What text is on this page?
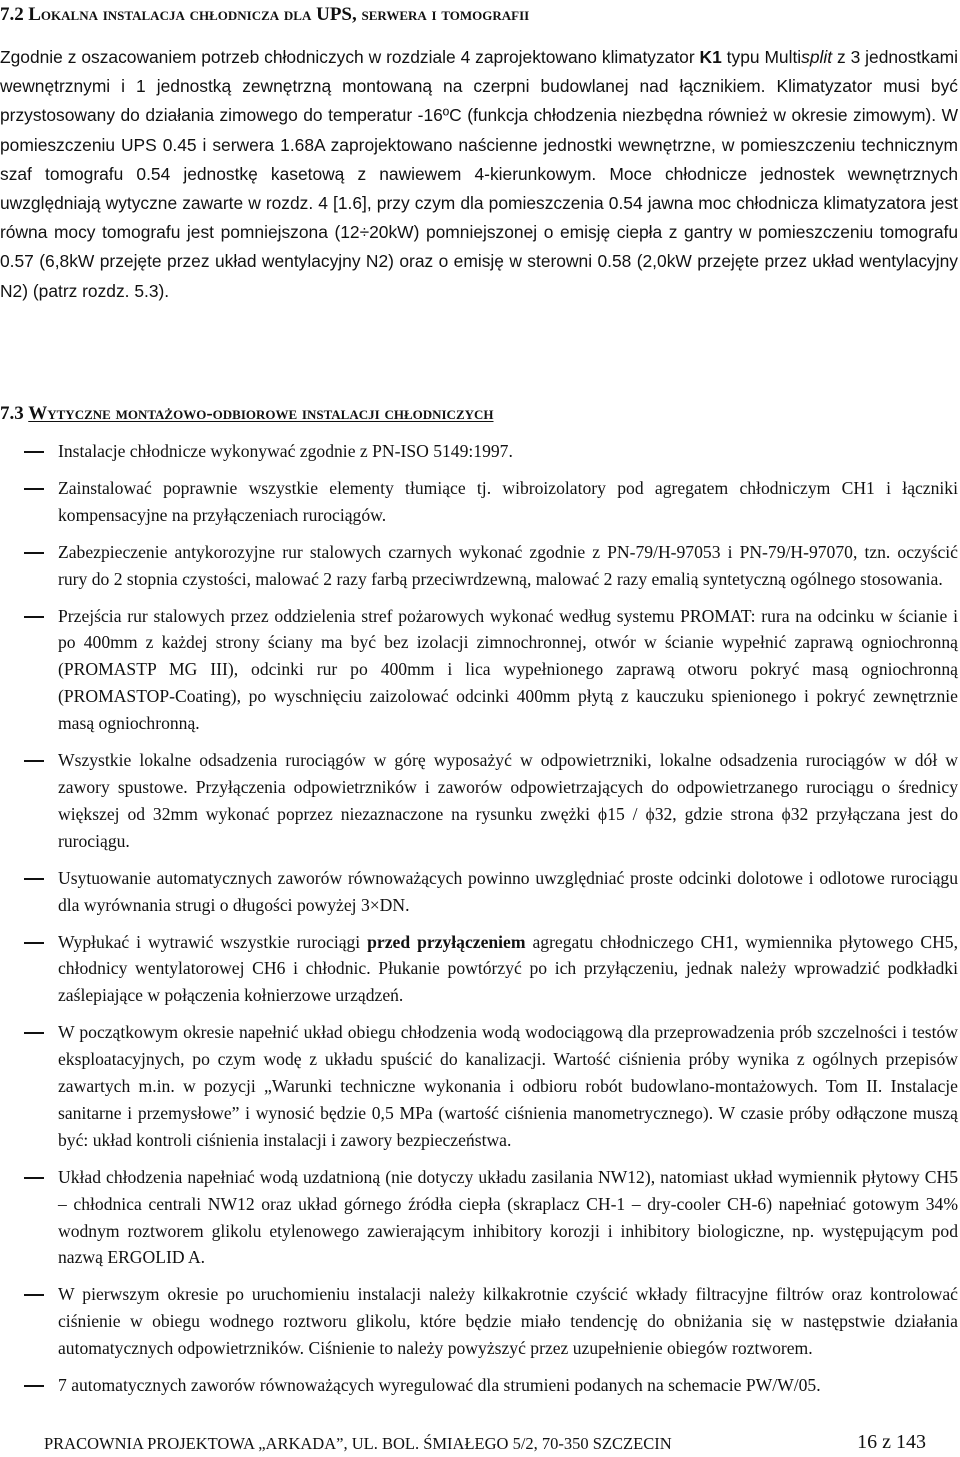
7.2 Lokalna instalacja chłodnicza dla UPS, serwera i tomografii
Zgodnie z oszacowaniem potrzeb chłodniczych w rozdziale 4 zaprojektowano klimatyzator K1 typu Multisplit z 3 jednostkami wewnętrznymi i 1 jednostką zewnętrzną montowaną na czerpni budowlanej nad łącznikiem. Klimatyzator musi być przystosowany do działania zimowego do temperatur -16ºC (funkcja chłodzenia niezbędna również w okresie zimowym). W pomieszczeniu UPS 0.45 i serwera 1.68A zaprojektowano naścienne jednostki wewnętrzne, w pomieszczeniu technicznym szaf tomografu 0.54 jednostkę kasetową z nawiewem 4-kierunkowym. Moce chłodnicze jednostek wewnętrznych uwzględniają wytyczne zawarte w rozdz. 4 [1.6], przy czym dla pomieszczenia 0.54 jawna moc chłodnicza klimatyzatora jest równa mocy tomografu jest pomniejszona (12÷20kW) pomniejszonej o emisję ciepła z gantry w pomieszczeniu tomografu 0.57 (6,8kW przejęte przez układ wentylacyjny N2) oraz o emisję w sterowni 0.58 (2,0kW przejęte przez układ wentylacyjny N2) (patrz rozdz. 5.3).
7.3 Wytyczne montażowo-odbiorowe instalacji chłodniczych
Instalacje chłodnicze wykonywać zgodnie z PN-ISO 5149:1997.
Zainstalować poprawnie wszystkie elementy tłumiące tj. wibroizolatory pod agregatem chłodniczym CH1 i łączniki kompensacyjne na przyłączeniach rurociągów.
Zabezpieczenie antykorozyjne rur stalowych czarnych wykonać zgodnie z PN-79/H-97053 i PN-79/H-97070, tzn. oczyścić rury do 2 stopnia czystości, malować 2 razy farbą przeciwrdzewną, malować 2 razy emalią syntetyczną ogólnego stosowania.
Przejścia rur stalowych przez oddzielenia stref pożarowych wykonać według systemu PROMAT: rura na odcinku w ścianie i po 400mm z każdej strony ściany ma być bez izolacji zimnochronnej, otwór w ścianie wypełnić zaprawą ogniochronną (PROMASTP MG III), odcinki rur po 400mm i lica wypełnionego zaprawą otworu pokryć masą ogniochronną (PROMASTOP-Coating), po wyschnięciu zaizolować odcinki 400mm płytą z kauczuku spienionego i pokryć zewnętrznie masą ogniochronną.
Wszystkie lokalne odsadzenia rurociągów w górę wyposażyć w odpowietrzniki, lokalne odsadzenia rurociągów w dół w zawory spustowe. Przyłączenia odpowietrzników i zaworów odpowietrzających do odpowietrzanego rurociągu o średnicy większej od 32mm wykonać poprzez niezaznaczone na rysunku zwężki ϕ15 / ϕ32, gdzie strona ϕ32 przyłączana jest do rurociągu.
Usytuowanie automatycznych zaworów równoważących powinno uwzględniać proste odcinki dolotowe i odlotowe rurociągu dla wyrównania strugi o długości powyżej 3×DN.
Wypłukać i wytrawić wszystkie rurociągi przed przyłączeniem agregatu chłodniczego CH1, wymiennika płytowego CH5, chłodnicy wentylatorowej CH6 i chłodnic. Płukanie powtórzyć po ich przyłączeniu, jednak należy wprowadzić podkładki zaślepiające w połączenia kołnierzowe urządzeń.
W początkowym okresie napełnić układ obiegu chłodzenia wodą wodociągową dla przeprowadzenia prób szczelności i testów eksploatacyjnych, po czym wodę z układu spuścić do kanalizacji. Wartość ciśnienia próby wynika z ogólnych przepisów zawartych m.in. w pozycji „Warunki techniczne wykonania i odbioru robót budowlano-montażowych. Tom II. Instalacje sanitarne i przemysłowe” i wynosić będzie 0,5 MPa (wartość ciśnienia manometrycznego). W czasie próby odłączone muszą być: układ kontroli ciśnienia instalacji i zawory bezpieczeństwa.
Układ chłodzenia napełniać wodą uzdatnioną (nie dotyczy układu zasilania NW12), natomiast układ wymiennik płytowy CH5 – chłodnica centrali NW12 oraz układ górnego źródła ciepła (skraplacz CH-1 – dry-cooler CH-6) napełniać gotowym 34% wodnym roztworem glikolu etylenowego zawierającym inhibitory korozji i inhibitory biologiczne, np. występującym pod nazwą ERGOLID A.
W pierwszym okresie po uruchomieniu instalacji należy kilkakrotnie czyścić wkłady filtracyjne filtrów oraz kontrolować ciśnienie w obiegu wodnego roztworu glikolu, które będzie miało tendencję do obniżania się w następstwie działania automatycznych odpowietrzników. Ciśnienie to należy powyższyć przez uzupełnienie obiegów roztworem.
7 automatycznych zaworów równoważących wyregulować dla strumieni podanych na schemacie PW/W/05.
PRACOWNIA PROJEKTOWA „ARKADA”, UL. BOL. ŚMIAŁEGO 5/2, 70-350 SZCZECIN	16 z 143
